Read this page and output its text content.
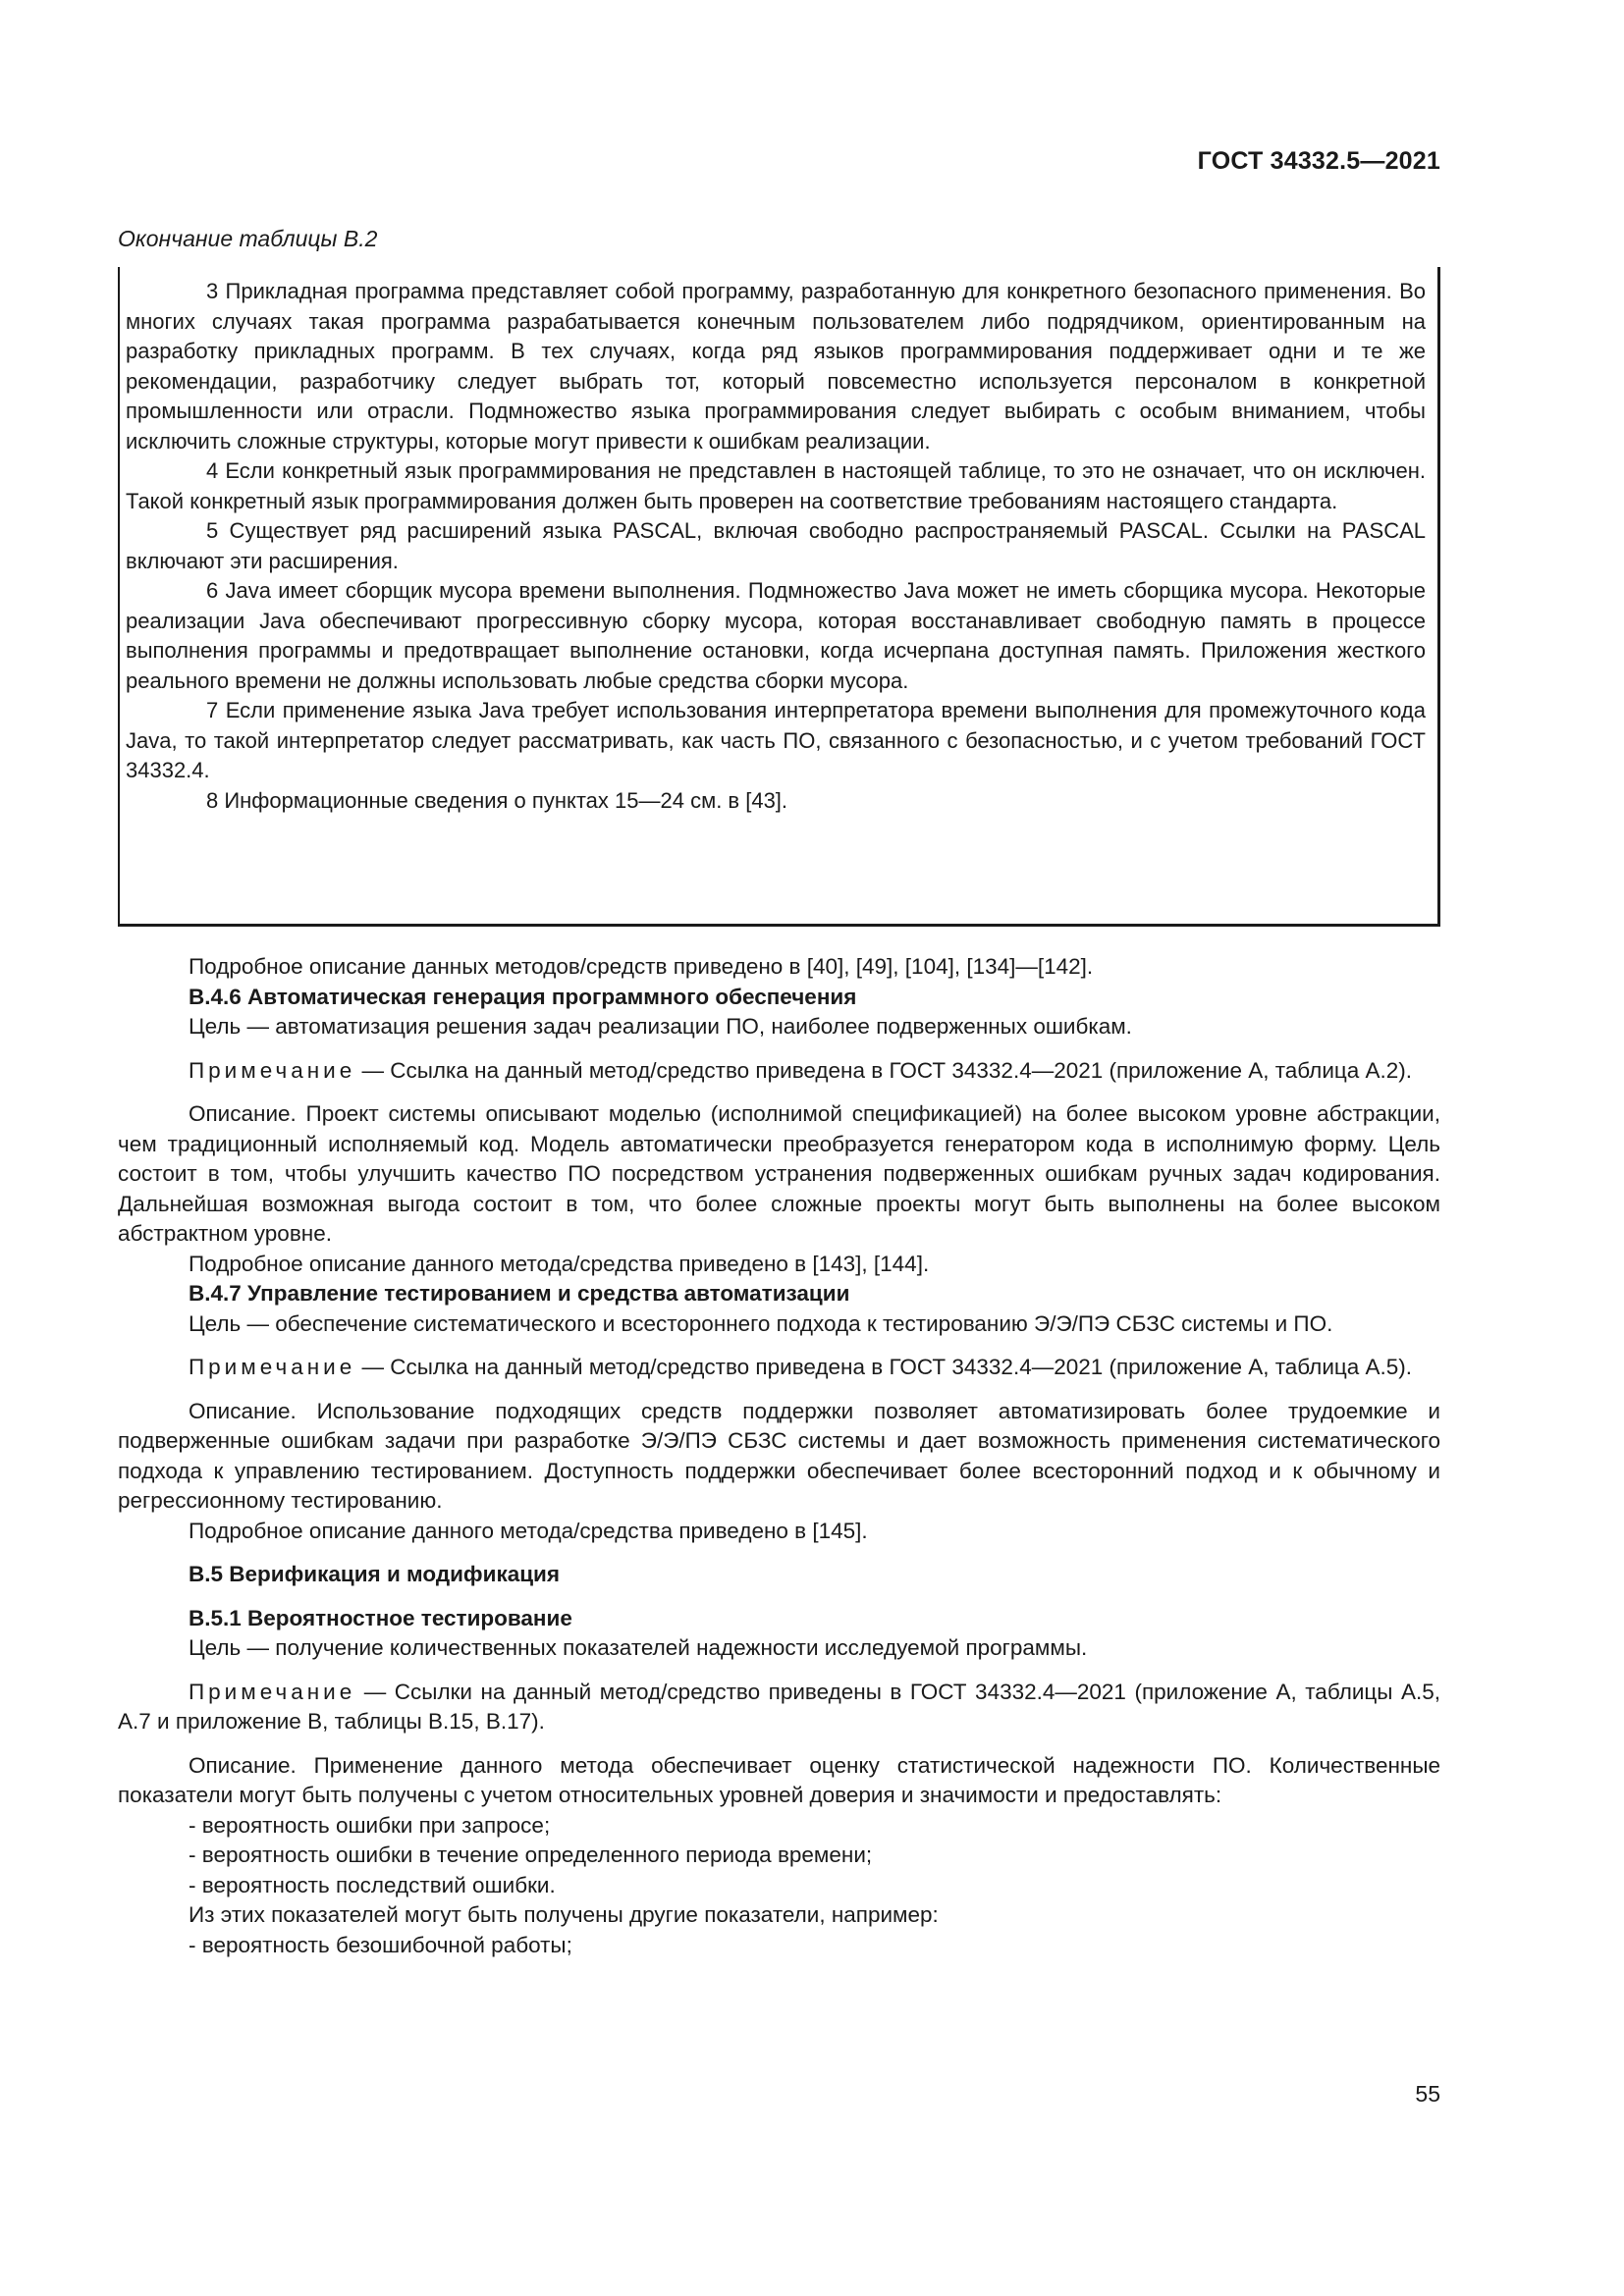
ГОСТ 34332.5—2021
Окончание таблицы В.2

3 Прикладная программа представляет собой программу, разработанную для конкретного безопасного применения. Во многих случаях такая программа разрабатывается конечным пользователем либо подрядчиком, ориентированным на разработку прикладных программ. В тех случаях, когда ряд языков программирования поддерживает одни и те же рекомендации, разработчику следует выбрать тот, который повсеместно используется персоналом в конкретной промышленности или отрасли. Подмножество языка программирования следует выбирать с особым вниманием, чтобы исключить сложные структуры, которые могут привести к ошибкам реализации.

4 Если конкретный язык программирования не представлен в настоящей таблице, то это не означает, что он исключен. Такой конкретный язык программирования должен быть проверен на соответствие требованиям настоящего стандарта.

5 Существует ряд расширений языка PASCAL, включая свободно распространяемый PASCAL. Ссылки на PASCAL включают эти расширения.

6 Java имеет сборщик мусора времени выполнения. Подмножество Java может не иметь сборщика мусора. Некоторые реализации Java обеспечивают прогрессивную сборку мусора, которая восстанавливает свободную память в процессе выполнения программы и предотвращает выполнение остановки, когда исчерпана доступная память. Приложения жесткого реального времени не должны использовать любые средства сборки мусора.

7 Если применение языка Java требует использования интерпретатора времени выполнения для промежуточного кода Java, то такой интерпретатор следует рассматривать, как часть ПО, связанного с безопасностью, и с учетом требований ГОСТ 34332.4.

8 Информационные сведения о пунктах 15—24 см. в [43].

Подробное описание данных методов/средств приведено в [40], [49], [104], [134]—[142].

В.4.6 Автоматическая генерация программного обеспечения

Цель — автоматизация решения задач реализации ПО, наиболее подверженных ошибкам.

Примечание — Ссылка на данный метод/средство приведена в ГОСТ 34332.4—2021 (приложение А, таблица А.2).

Описание. Проект системы описывают моделью (исполнимой спецификацией) на более высоком уровне абстракции, чем традиционный исполняемый код. Модель автоматически преобразуется генератором кода в исполнимую форму. Цель состоит в том, чтобы улучшить качество ПО посредством устранения подверженных ошибкам ручных задач кодирования. Дальнейшая возможная выгода состоит в том, что более сложные проекты могут быть выполнены на более высоком абстрактном уровне.

Подробное описание данного метода/средства приведено в [143], [144].

В.4.7 Управление тестированием и средства автоматизации

Цель — обеспечение систематического и всестороннего подхода к тестированию Э/Э/ПЭ СБЗС системы и ПО.

Примечание — Ссылка на данный метод/средство приведена в ГОСТ 34332.4—2021 (приложение А, таблица А.5).

Описание. Использование подходящих средств поддержки позволяет автоматизировать более трудоемкие и подверженные ошибкам задачи при разработке Э/Э/ПЭ СБЗС системы и дает возможность применения систематического подхода к управлению тестированием. Доступность поддержки обеспечивает более всесторонний подход и к обычному и регрессионному тестированию.

Подробное описание данного метода/средства приведено в [145].

В.5 Верификация и модификация

В.5.1 Вероятностное тестирование

Цель — получение количественных показателей надежности исследуемой программы.

Примечание — Ссылки на данный метод/средство приведены в ГОСТ 34332.4—2021 (приложение А, таблицы А.5, А.7 и приложение В, таблицы В.15, В.17).

Описание. Применение данного метода обеспечивает оценку статистической надежности ПО. Количественные показатели могут быть получены с учетом относительных уровней доверия и значимости и предоставлять:

- вероятность ошибки при запросе;

- вероятность ошибки в течение определенного периода времени;

- вероятность последствий ошибки.

Из этих показателей могут быть получены другие показатели, например:

- вероятность безошибочной работы;

55
